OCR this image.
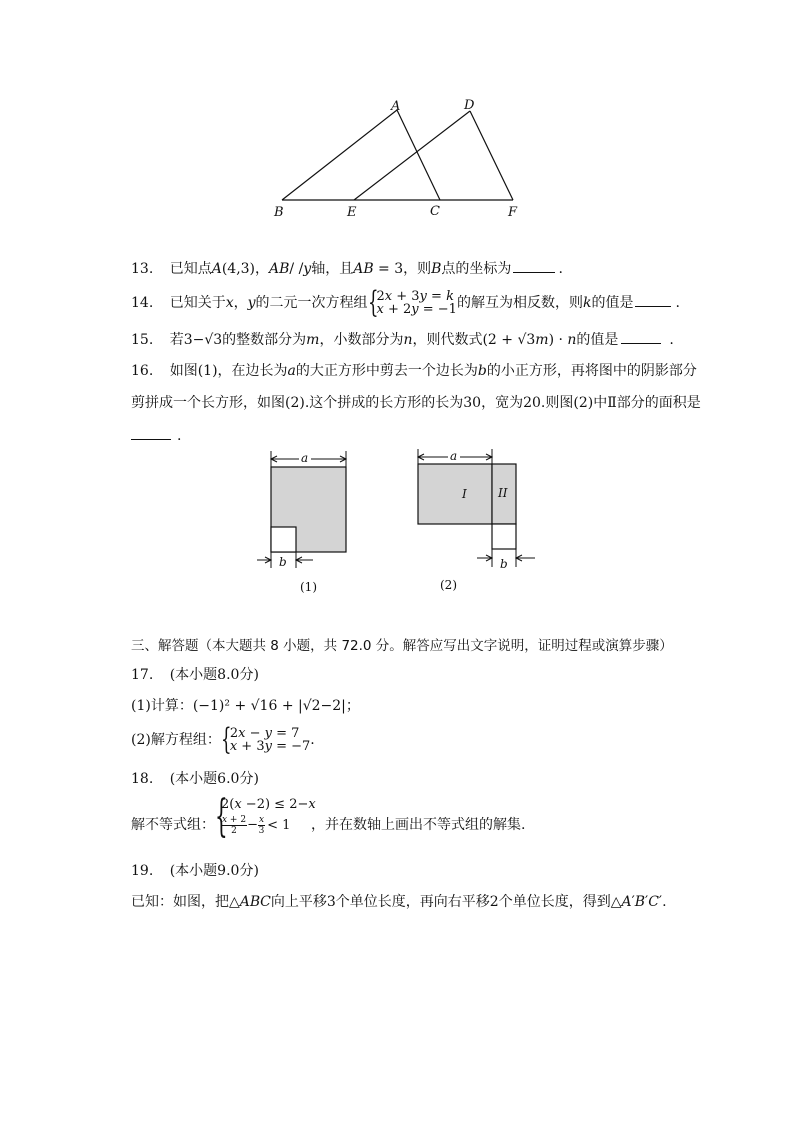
A	D
B	E	C	F
13. 已知点𝐴(4,3)，𝐴𝐵/ /𝑦轴，且𝐴𝐵 = 3，则𝐵点的坐标为	.
14. 已知关于𝑥，𝑦的二元一次方程组 {
2𝑥 + 3𝑦 = 𝑘
𝑥 + 2𝑦 = −1 的解互为相反数，则𝑘的值是	.
15. 若3−√3的整数部分为𝑚，小数部分为𝑛，则代数式(2 + √3𝑚) · 𝑛的值是	.
16. 如图(1)，在边长为𝑎的大正方形中剪去一个边长为𝑏的小正方形，再将图中的阴影部分
剪拼成一个长方形，如图(2).这个拼成的长方形的长为30，宽为20.则图(2)中Ⅱ部分的面积是
.
a
b
(1)
a
I	II
b
(2)
三、解答题（本大题共 8 小题，共 72.0 分。解答应写出文字说明，证明过程或演算步骤）
17. (本小题8.0分)
(1)计算：(−1)² + √16 + |√2−2|；
(2)解方程组： {
2𝑥 − 𝑦 = 7
𝑥 + 3𝑦 = −7 .
18. (本小题6.0分)
解不等式组： {
2(𝑥 −2) ≤ 2−𝑥
𝑥 + 2
2 − 𝑥
3 < 1 ，并在数轴上画出不等式组的解集.
19. (本小题9.0分)
已知：如图，把△𝐴𝐵𝐶向上平移3个单位长度，再向右平移2个单位长度，得到△𝐴′𝐵′𝐶′.
